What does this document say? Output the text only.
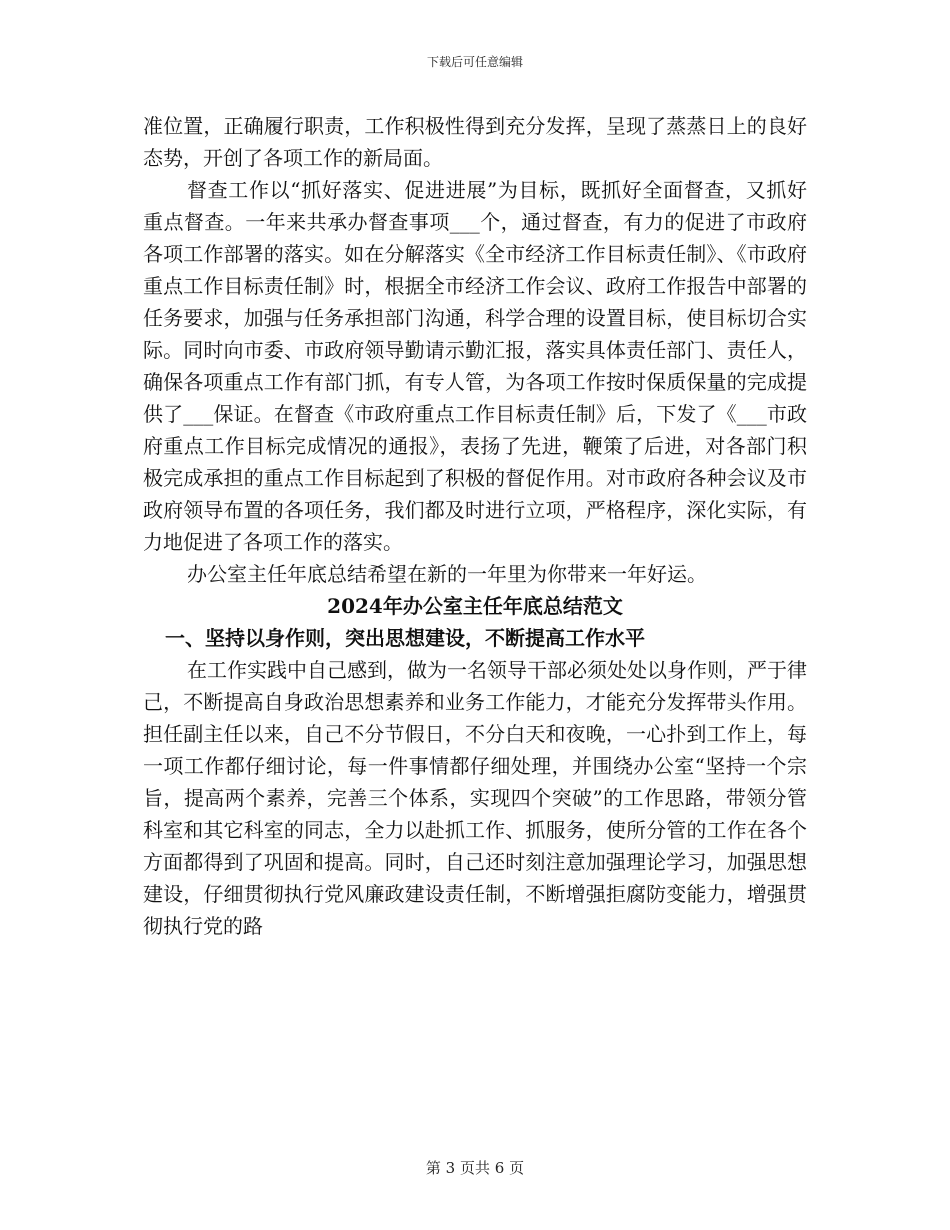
下载后可任意编辑

准位置，正确履行职责，工作积极性得到充分发挥，呈现了蒸蒸日上的良好态势，开创了各项工作的新局面。

督查工作以“抓好落实、促进进展”为目标，既抓好全面督查，又抓好重点督查。一年来共承办督查事项___个，通过督查，有力的促进了市政府各项工作部署的落实。如在分解落实《全市经济工作目标责任制》、《市政府重点工作目标责任制》时，根据全市经济工作会议、政府工作报告中部署的任务要求，加强与任务承担部门沟通，科学合理的设置目标，使目标切合实际。同时向市委、市政府领导勤请示勤汇报，落实具体责任部门、责任人，确保各项重点工作有部门抓，有专人管，为各项工作按时保质保量的完成提供了___保证。在督查《市政府重点工作目标责任制》后，下发了《___市政府重点工作目标完成情况的通报》，表扬了先进，鞭策了后进，对各部门积极完成承担的重点工作目标起到了积极的督促作用。对市政府各种会议及市政府领导布置的各项任务，我们都及时进行立项，严格程序，深化实际，有力地促进了各项工作的落实。

办公室主任年底总结希望在新的一年里为你带来一年好运。

2024年办公室主任年底总结范文

一、坚持以身作则，突出思想建设，不断提高工作水平

在工作实践中自己感到，做为一名领导干部必须处处以身作则，严于律己，不断提高自身政治思想素养和业务工作能力，才能充分发挥带头作用。担任副主任以来，自己不分节假日，不分白天和夜晚，一心扑到工作上，每一项工作都仔细讨论，每一件事情都仔细处理，并围绕办公室“坚持一个宗旨，提高两个素养，完善三个体系，实现四个突破”的工作思路，带领分管科室和其它科室的同志，全力以赴抓工作、抓服务，使所分管的工作在各个方面都得到了巩固和提高。同时，自己还时刻注意加强理论学习，加强思想建设，仔细贯彻执行党风廉政建设责任制，不断增强拒腐防变能力，增强贯彻执行党的路

第 3 页共 6 页
